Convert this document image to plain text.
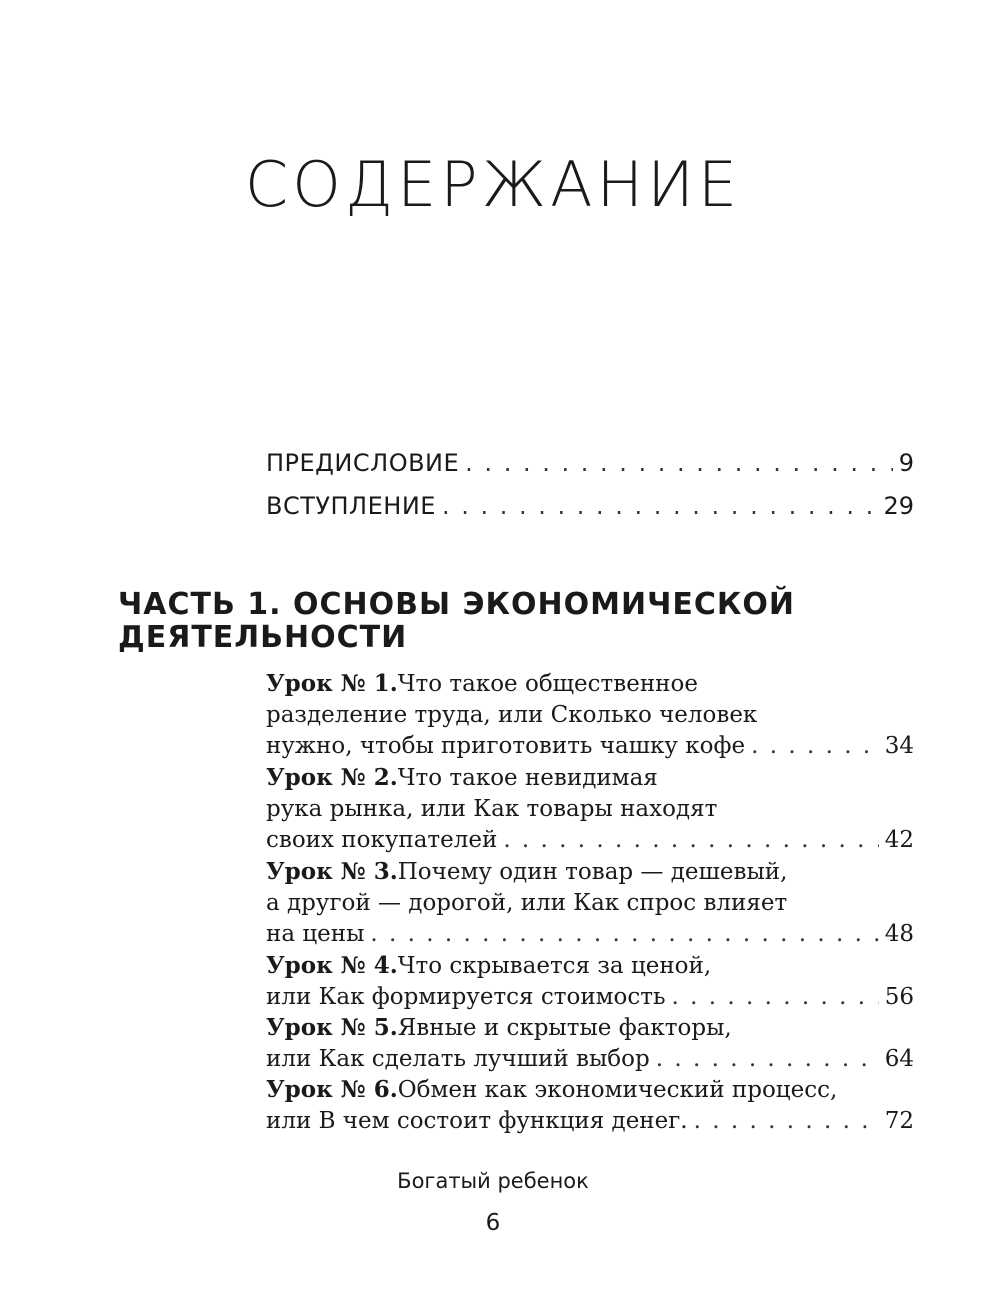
СОДЕРЖАНИЕ
ПРЕДИСЛОВИЕ . . .	9
ВСТУПЛЕНИЕ . . .	29
ЧАСТЬ 1. ОСНОВЫ ЭКОНОМИЧЕСКОЙ
ДЕЯТЕЛЬНОСТИ
Урок № 1. Что такое общественное
разделение труда, или Сколько человек
нужно, чтобы приготовить чашку кофе . . .	34
Урок № 2. Что такое невидимая
рука рынка, или Как товары находят
своих покупателей . . .	42
Урок № 3. Почему один товар — дешевый,
а другой — дорогой, или Как спрос влияет
на цены . . .	48
Урок № 4. Что скрывается за ценой,
или Как формируется стоимость . . .	56
Урок № 5. Явные и скрытые факторы,
или Как сделать лучший выбор . . .	64
Урок № 6. Обмен как экономический процесс,
или В чем состоит функция денег. . . .	72
Богатый ребенок
6
